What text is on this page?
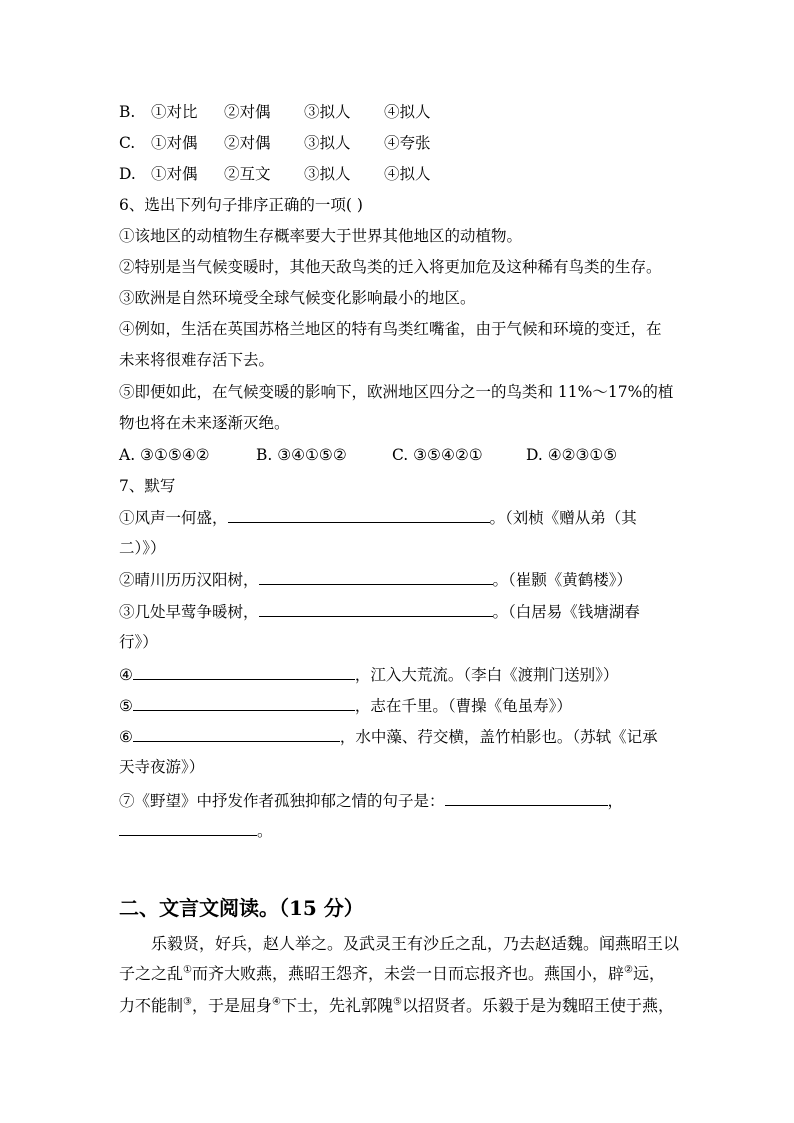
B. ①对比 ②对偶 ③拟人 ④拟人
C. ①对偶 ②对偶 ③拟人 ④夸张
D. ①对偶 ②互文 ③拟人 ④拟人
6、选出下列句子排序正确的一项( )
①该地区的动植物生存概率要大于世界其他地区的动植物。
②特别是当气候变暖时，其他天敌鸟类的迁入将更加危及这种稀有鸟类的生存。
③欧洲是自然环境受全球气候变化影响最小的地区。
④例如，生活在英国苏格兰地区的特有鸟类红嘴雀，由于气候和环境的变迁，在
未来将很难存活下去。
⑤即便如此，在气候变暖的影响下，欧洲地区四分之一的鸟类和 11%～17%的植
物也将在未来逐渐灭绝。
A. ③①⑤④②	B. ③④①⑤②	C. ③⑤④②①	D. ④②③①⑤
7、默写
①风声一何盛，	。（刘桢《赠从弟（其
二）》）
②晴川历历汉阳树，	。（崔颢《黄鹤楼》）
③几处早莺争暖树，	。（白居易《钱塘湖春
行》）
④	，江入大荒流。（李白《渡荆门送别》）
⑤	，志在千里。（曹操《龟虽寿》）
⑥	，水中藻、荇交横，盖竹柏影也。（苏轼《记承
天寺夜游》）
⑦《野望》中抒发作者孤独抑郁之情的句子是：	，
。
二、文言文阅读。（15 分）
乐毅贤，好兵，赵人举之。及武灵王有沙丘之乱，乃去赵适魏。闻燕昭王以
子之之乱①而齐大败燕，燕昭王怨齐，未尝一日而忘报齐也。燕国小，辟②远，
力不能制③，于是屈身④下士，先礼郭隗⑤以招贤者。乐毅于是为魏昭王使于燕，
